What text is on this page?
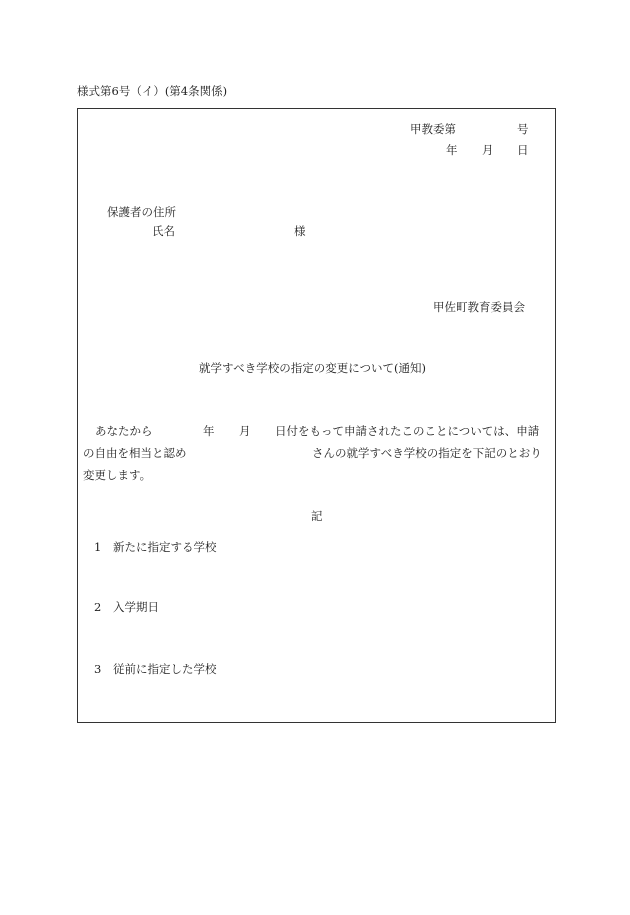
様式第6号（イ）(第4条関係)
甲教委第	号
年 月 日
保護者の住所
氏名	様
甲佐町教育委員会
就学すべき学校の指定の変更について(通知)
あなたから	年 月 日付をもって申請されたこのことについては、申請
の自由を相当と認め	さんの就学すべき学校の指定を下記のとおり
変更します。
記
1 新たに指定する学校
2 入学期日
3 従前に指定した学校
